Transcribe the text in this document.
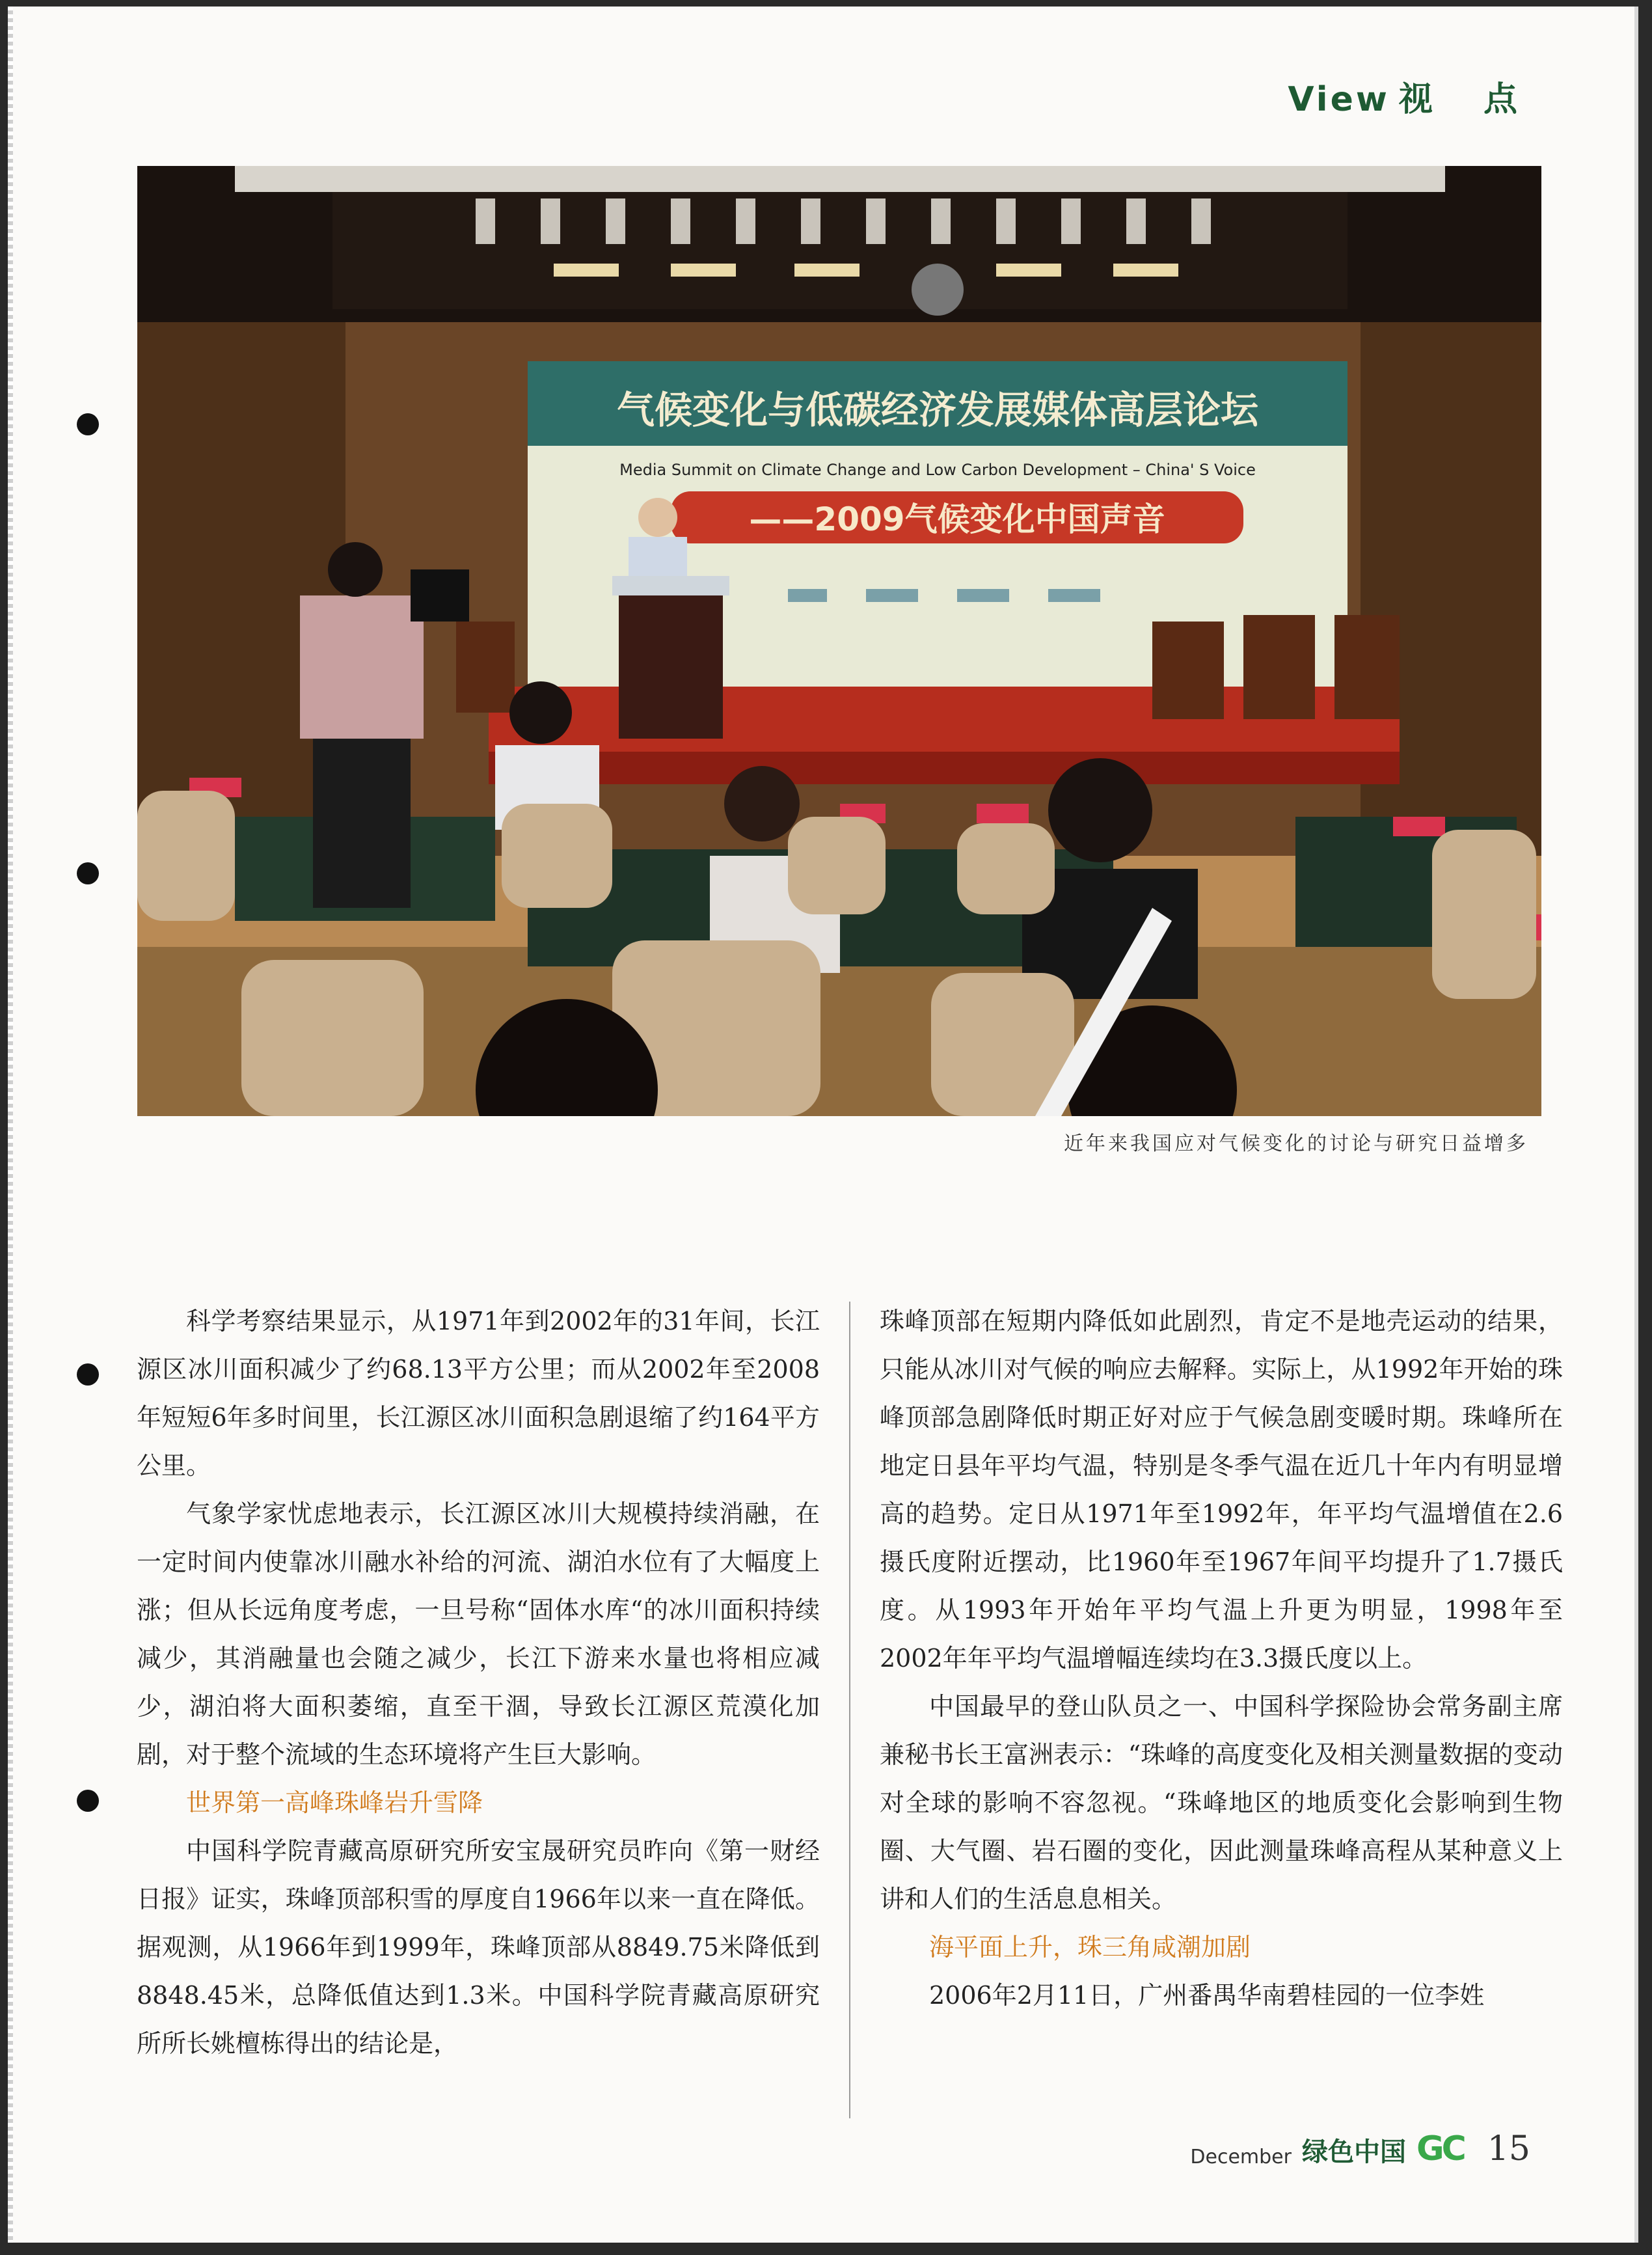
View 视 点
气候变化与低碳经济发展媒体高层论坛
Media Summit on Climate Change and Low Carbon Development – China' S Voice
——2009气候变化中国声音
近年来我国应对气候变化的讨论与研究日益增多

科学考察结果显示，从1971年到2002年的31年间，长江源区冰川面积减少了约68.13平方公里；而从2002年至2008年短短6年多时间里，长江源区冰川面积急剧退缩了约164平方公里。

气象学家忧虑地表示，长江源区冰川大规模持续消融，在一定时间内使靠冰川融水补给的河流、湖泊水位有了大幅度上涨；但从长远角度考虑，一旦号称“固体水库“的冰川面积持续减少，其消融量也会随之减少，长江下游来水量也将相应减少，湖泊将大面积萎缩，直至干涸，导致长江源区荒漠化加剧，对于整个流域的生态环境将产生巨大影响。

世界第一高峰珠峰岩升雪降

中国科学院青藏高原研究所安宝晟研究员昨向《第一财经日报》证实，珠峰顶部积雪的厚度自1966年以来一直在降低。据观测，从1966年到1999年，珠峰顶部从8849.75米降低到8848.45米，总降低值达到1.3米。中国科学院青藏高原研究所所长姚檀栋得出的结论是，

珠峰顶部在短期内降低如此剧烈，肯定不是地壳运动的结果，只能从冰川对气候的响应去解释。实际上，从1992年开始的珠峰顶部急剧降低时期正好对应于气候急剧变暖时期。珠峰所在地定日县年平均气温，特别是冬季气温在近几十年内有明显增高的趋势。定日从1971年至1992年，年平均气温增值在2.6摄氏度附近摆动，比1960年至1967年间平均提升了1.7摄氏度。从1993年开始年平均气温上升更为明显，1998年至2002年年平均气温增幅连续均在3.3摄氏度以上。

中国最早的登山队员之一、中国科学探险协会常务副主席兼秘书长王富洲表示：“珠峰的高度变化及相关测量数据的变动对全球的影响不容忽视。“珠峰地区的地质变化会影响到生物圈、大气圈、岩石圈的变化，因此测量珠峰高程从某种意义上讲和人们的生活息息相关。

海平面上升，珠三角咸潮加剧

2006年2月11日，广州番禺华南碧桂园的一位李姓

December 绿色中国 GC 15
